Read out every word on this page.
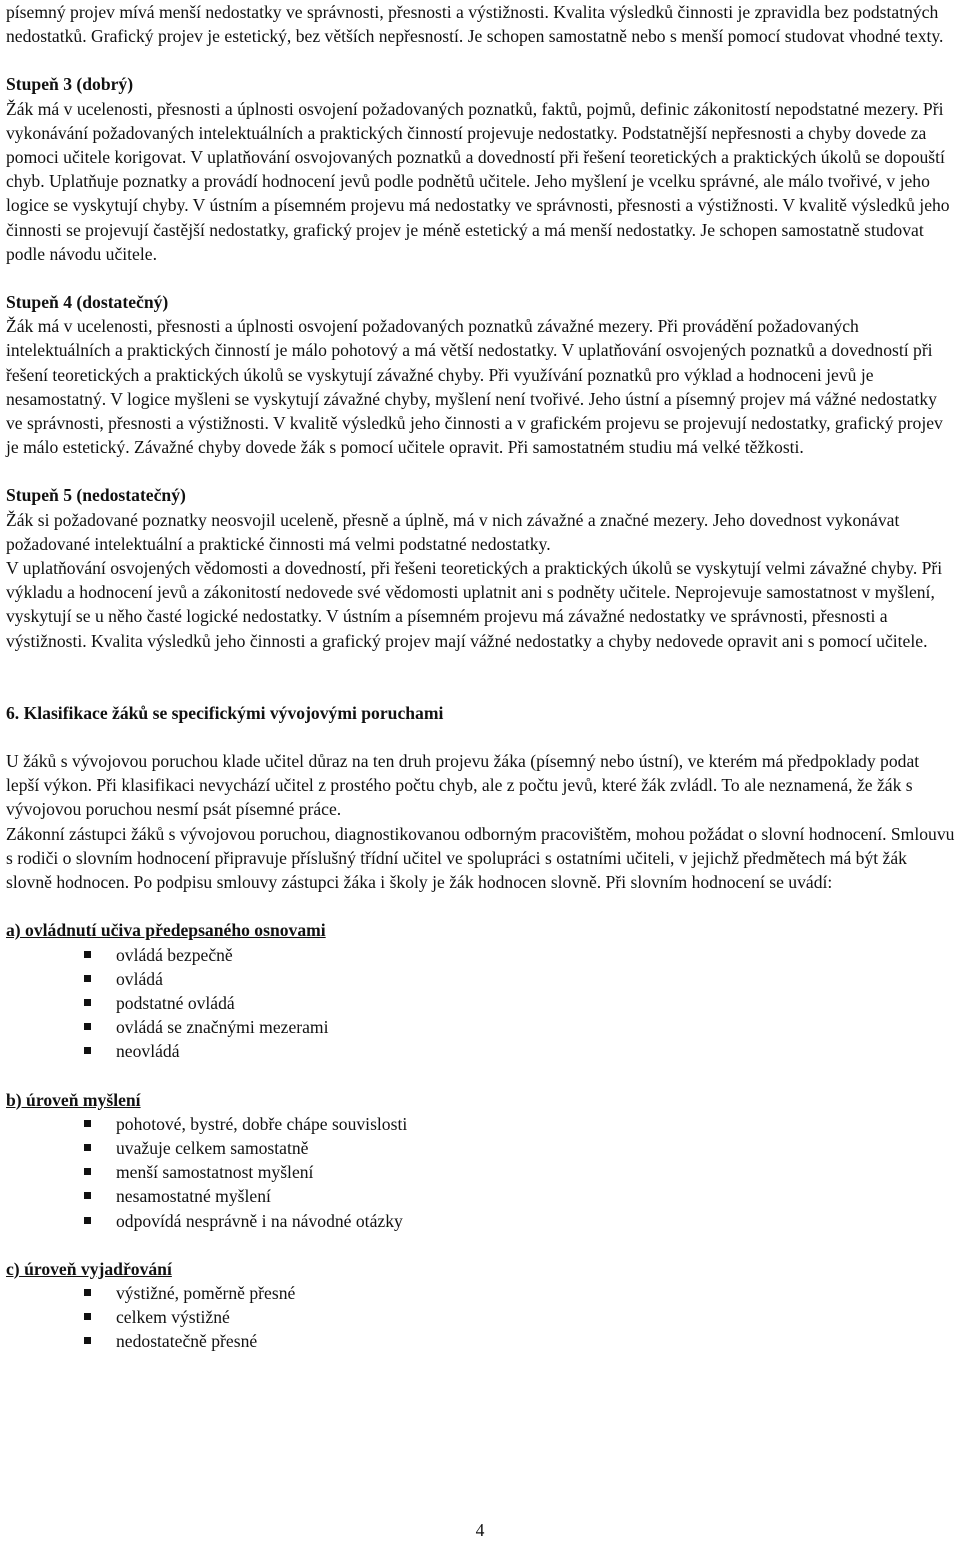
písemný projev mívá menší nedostatky ve správnosti, přesnosti a výstižnosti. Kvalita výsledků činnosti je zpravidla bez podstatných nedostatků. Grafický projev je estetický, bez větších nepřesností. Je schopen samostatně nebo s menší pomocí studovat vhodné texty.

Stupeň 3 (dobrý)

Žák má v ucelenosti, přesnosti a úplnosti osvojení požadovaných poznatků, faktů, pojmů, definic zákonitostí nepodstatné mezery. Při vykonávání požadovaných intelektuálních a praktických činností projevuje nedostatky. Podstatnější nepřesnosti a chyby dovede za pomoci učitele korigovat. V uplatňování osvojovaných poznatků a dovedností při řešení teoretických a praktických úkolů se dopouští chyb. Uplatňuje poznatky a provádí hodnocení jevů podle podnětů učitele. Jeho myšlení je vcelku správné, ale málo tvořivé, v jeho logice se vyskytují chyby. V ústním a písemném projevu má nedostatky ve správnosti, přesnosti a výstižnosti. V kvalitě výsledků jeho činnosti se projevují častější nedostatky, grafický projev je méně estetický a má menší nedostatky. Je schopen samostatně studovat podle návodu učitele.

Stupeň 4 (dostatečný)

Žák má v ucelenosti, přesnosti a úplnosti osvojení požadovaných poznatků závažné mezery. Při provádění požadovaných intelektuálních a praktických činností je málo pohotový a má větší nedostatky. V uplatňování osvojených poznatků a dovedností při řešení teoretických a praktických úkolů se vyskytují závažné chyby. Při využívání poznatků pro výklad a hodnoceni jevů je nesamostatný. V logice myšleni se vyskytují závažné chyby, myšlení není tvořivé. Jeho ústní a písemný projev má vážné nedostatky ve správnosti, přesnosti a výstižnosti. V kvalitě výsledků jeho činnosti a v grafickém projevu se projevují nedostatky, grafický projev je málo estetický. Závažné chyby dovede žák s pomocí učitele opravit. Při samostatném studiu má velké těžkosti.

Stupeň 5 (nedostatečný)

Žák si požadované poznatky neosvojil uceleně, přesně a úplně, má v nich závažné a značné mezery. Jeho dovednost vykonávat požadované intelektuální a praktické činnosti má velmi podstatné nedostatky.

V uplatňování osvojených vědomosti a dovedností, při řešeni teoretických a praktických úkolů se vyskytují velmi závažné chyby. Při výkladu a hodnocení jevů a zákonitostí nedovede své vědomosti uplatnit ani s podněty učitele. Neprojevuje samostatnost v myšlení, vyskytují se u něho časté logické nedostatky. V ústním a písemném projevu má závažné nedostatky ve správnosti, přesnosti a výstižnosti. Kvalita výsledků jeho činnosti a grafický projev mají vážné nedostatky a chyby nedovede opravit ani s pomocí učitele.

6. Klasifikace žáků se specifickými vývojovými poruchami

U žáků s vývojovou poruchou klade učitel důraz na ten druh projevu žáka (písemný nebo ústní), ve kterém má předpoklady podat lepší výkon. Při klasifikaci nevychází učitel z prostého počtu chyb, ale z počtu jevů, které žák zvládl. To ale neznamená, že žák s vývojovou poruchou nesmí psát písemné práce.

Zákonní zástupci žáků s vývojovou poruchou, diagnostikovanou odborným pracovištěm, mohou požádat o slovní hodnocení. Smlouvu s rodiči o slovním hodnocení připravuje příslušný třídní učitel ve spolupráci s ostatními učiteli, v jejichž předmětech má být žák slovně hodnocen. Po podpisu smlouvy zástupci žáka i školy je žák hodnocen slovně. Při slovním hodnocení se uvádí:

a) ovládnutí učiva předepsaného osnovami

ovládá bezpečně
ovládá
podstatné ovládá
ovládá se značnými mezerami
neovládá

b) úroveň myšlení

pohotové, bystré, dobře chápe souvislosti
uvažuje celkem samostatně
menší samostatnost myšlení
nesamostatné myšlení
odpovídá nesprávně i na návodné otázky

c) úroveň vyjadřování

výstižné, poměrně přesné
celkem výstižné
nedostatečně přesné
4
